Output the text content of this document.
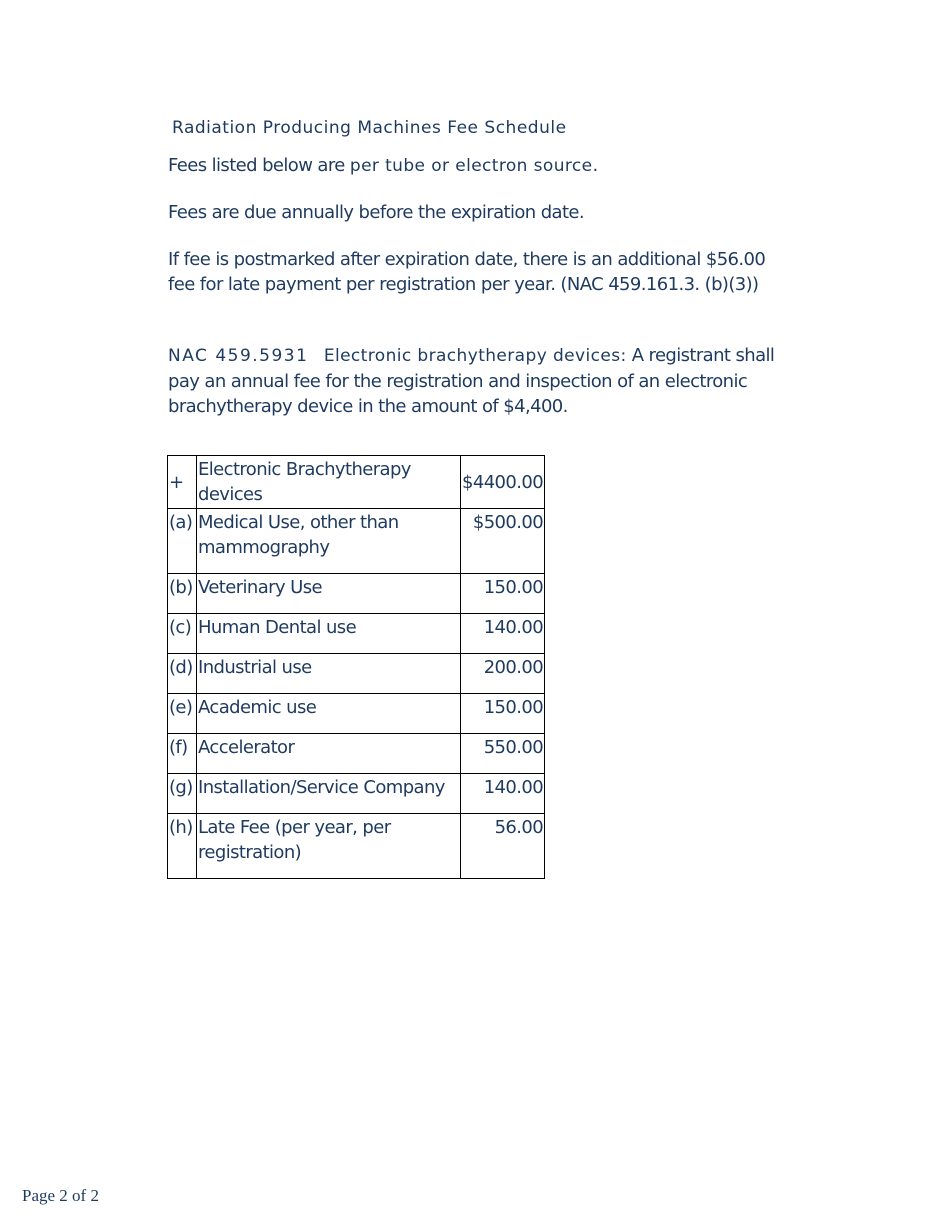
Radiation Producing Machines Fee Schedule
Fees listed below are per tube or electron source.
Fees are due annually before the expiration date.
If fee is postmarked after expiration date, there is an additional $56.00 fee for late payment per registration per year. (NAC 459.161.3. (b)(3))
NAC 459.5931 Electronic brachytherapy devices: A registrant shall pay an annual fee for the registration and inspection of an electronic brachytherapy device in the amount of $4,400.
+	Electronic Brachytherapy devices	$4400.00
(a)	Medical Use, other than mammography	$500.00
(b)	Veterinary Use	150.00
(c)	Human Dental use	140.00
(d)	Industrial use	200.00
(e)	Academic use	150.00
(f)	Accelerator	550.00
(g)	Installation/Service Company	140.00
(h)	Late Fee (per year, per registration)	56.00
Page 2 of 2
